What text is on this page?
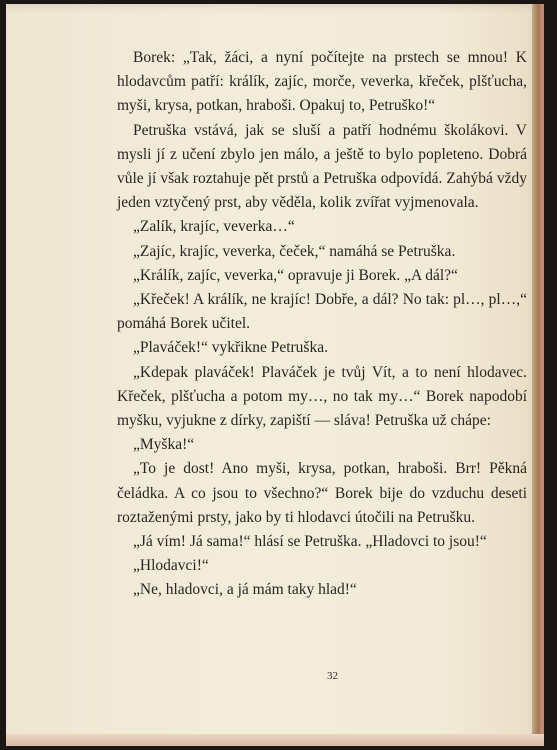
Borek: „Tak, žáci, a nyní počítejte na prstech se mnou! K hlodavcům patří: králík, zajíc, morče, veverka, křeček, plšťucha, myši, krysa, potkan, hraboši. Opakuj to, Petruško!“

Petruška vstává, jak se sluší a patří hodnému školákovi. V mysli jí z učení zbylo jen málo, a ještě to bylo popleteno. Dobrá vůle jí však roztahuje pět prstů a Petruška odpovídá. Zahýbá vždy jeden vztyčený prst, aby věděla, kolik zvířat vyjmenovala.

„Zalík, krajíc, veverka…“

„Zajíc, krajíc, veverka, čeček,“ namáhá se Petruška.

„Králík, zajíc, veverka,“ opravuje ji Borek. „A dál?“

„Křeček! A králík, ne krajíc! Dobře, a dál? No tak: pl…, pl…,“ pomáhá Borek učitel.

„Plaváček!“ vykřikne Petruška.

„Kdepak plaváček! Plaváček je tvůj Vít, a to není hlodavec. Křeček, plšťucha a potom my…, no tak my…“ Borek napodobí myšku, vyjukne z dírky, zapiští — sláva! Petruška už chápe:

„Myška!“

„To je dost! Ano myši, krysa, potkan, hraboši. Brr! Pěkná čeládka. A co jsou to všechno?“ Borek bije do vzduchu deseti roztaženými prsty, jako by ti hlodavci útočili na Petrušku.

„Já vím! Já sama!“ hlásí se Petruška. „Hladovci to jsou!“

„Hlodavci!“

„Ne, hladovci, a já mám taky hlad!“

32
